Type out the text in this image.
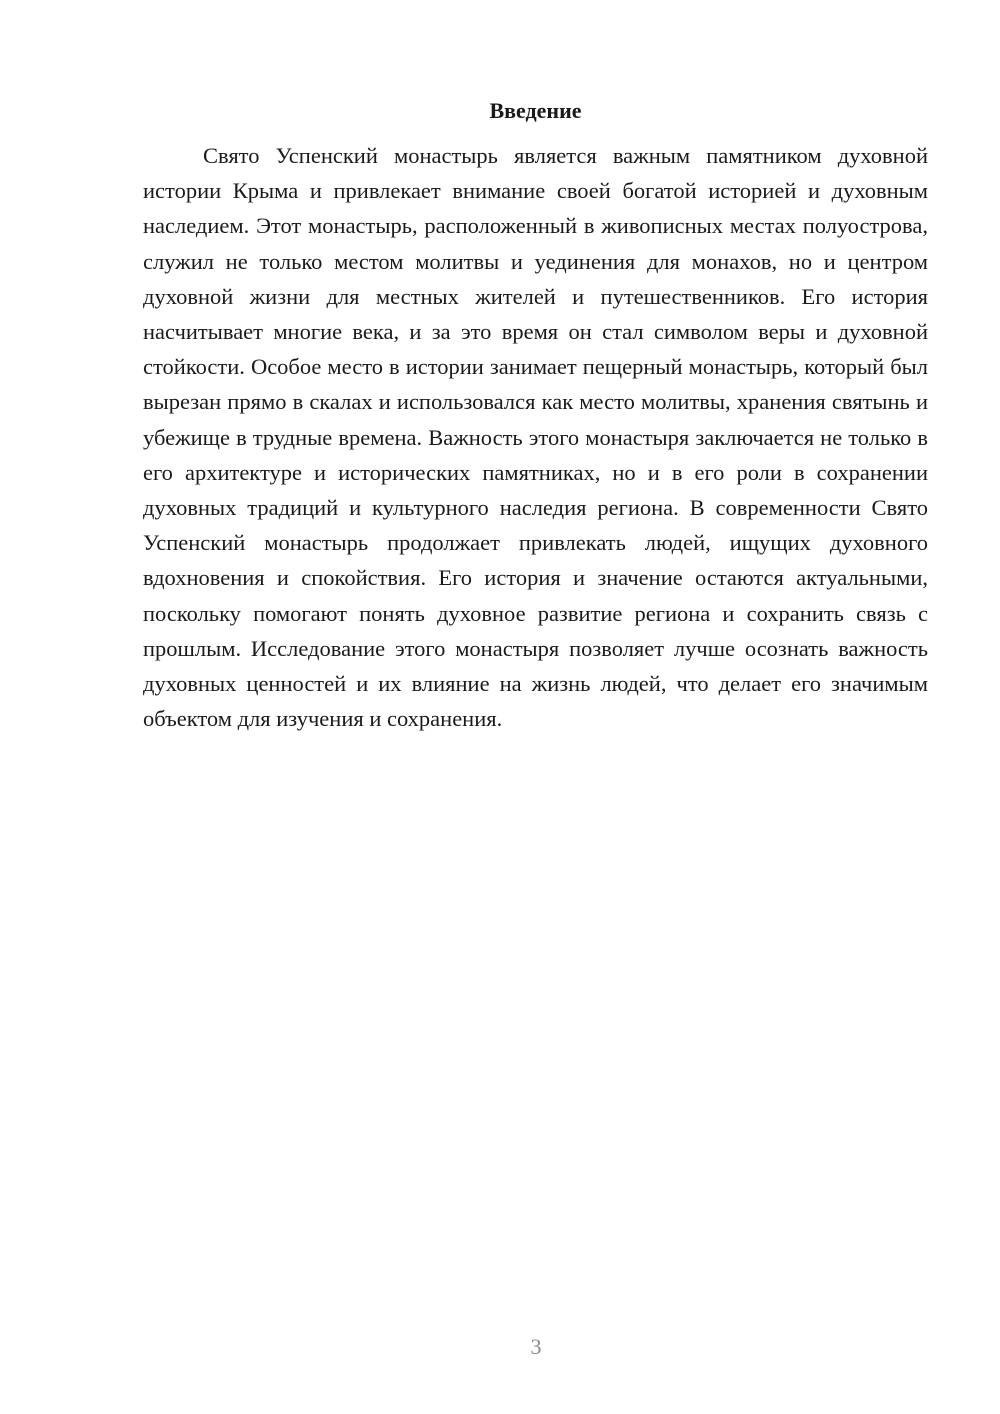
Введение

Свято Успенский монастырь является важным памятником духовной истории Крыма и привлекает внимание своей богатой историей и духовным наследием. Этот монастырь, расположенный в живописных местах полуострова, служил не только местом молитвы и уединения для монахов, но и центром духовной жизни для местных жителей и путешественников. Его история насчитывает многие века, и за это время он стал символом веры и духовной стойкости. Особое место в истории занимает пещерный монастырь, который был вырезан прямо в скалах и использовался как место молитвы, хранения святынь и убежище в трудные времена. Важность этого монастыря заключается не только в его архитектуре и исторических памятниках, но и в его роли в сохранении духовных традиций и культурного наследия региона. В современности Свято Успенский монастырь продолжает привлекать людей, ищущих духовного вдохновения и спокойствия. Его история и значение остаются актуальными, поскольку помогают понять духовное развитие региона и сохранить связь с прошлым. Исследование этого монастыря позволяет лучше осознать важность духовных ценностей и их влияние на жизнь людей, что делает его значимым объектом для изучения и сохранения.

3
